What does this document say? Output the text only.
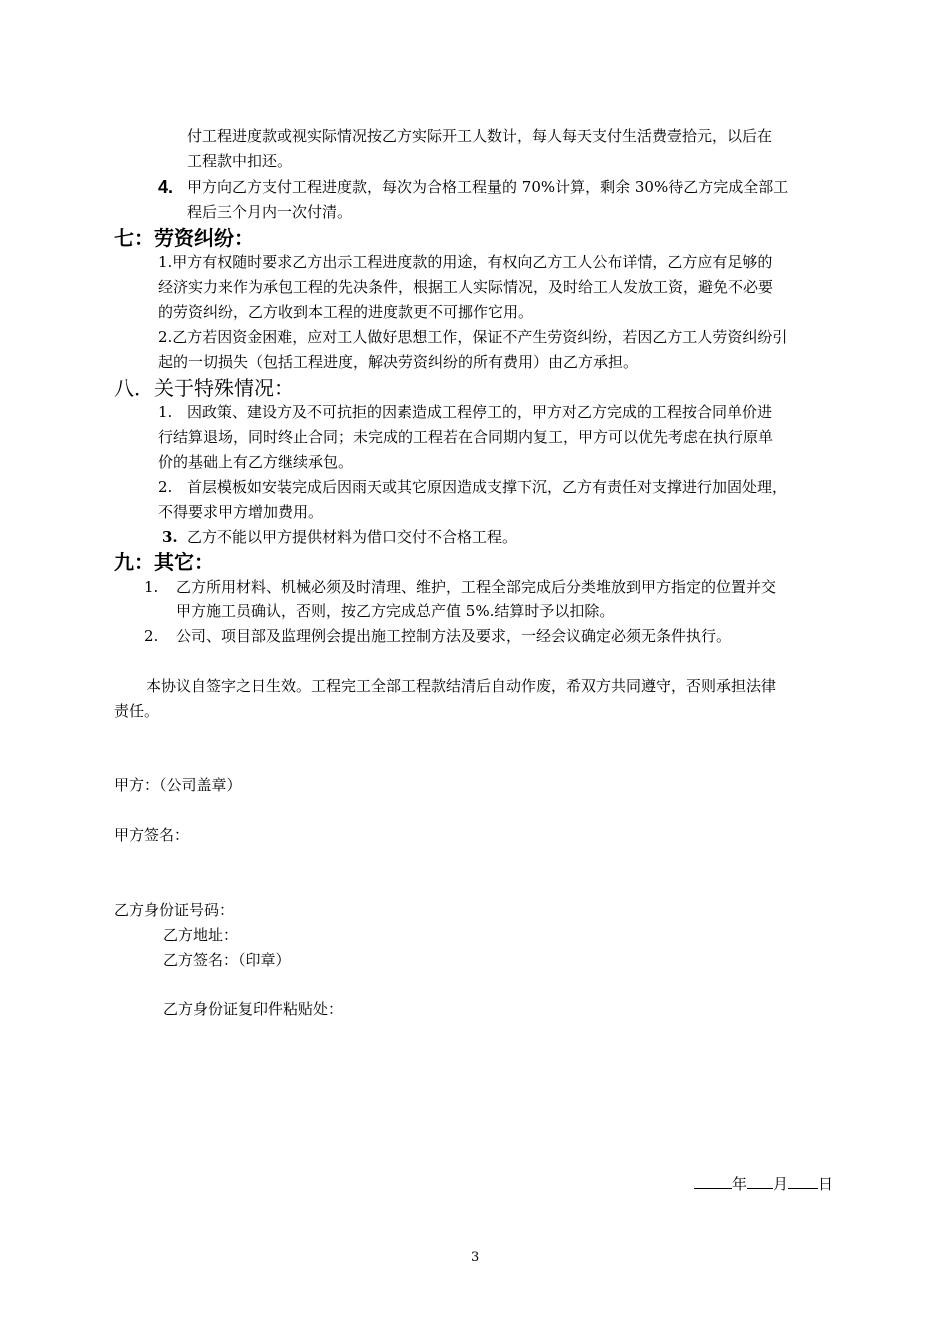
付工程进度款或视实际情况按乙方实际开工人数计，每人每天支付生活费壹拾元，以后在

工程款中扣还。

4. 甲方向乙方支付工程进度款，每次为合格工程量的 70%计算，剩余 30%待乙方完成全部工

程后三个月内一次付清。

七：劳资纠纷：

1.甲方有权随时要求乙方出示工程进度款的用途，有权向乙方工人公布详情，乙方应有足够的

经济实力来作为承包工程的先决条件，根据工人实际情况，及时给工人发放工资，避免不必要

的劳资纠纷，乙方收到本工程的进度款更不可挪作它用。

2.乙方若因资金困难，应对工人做好思想工作，保证不产生劳资纠纷，若因乙方工人劳资纠纷引

起的一切损失（包括工程进度，解决劳资纠纷的所有费用）由乙方承担。

八．关于特殊情况：
1. 因政策、建设方及不可抗拒的因素造成工程停工的，甲方对乙方完成的工程按合同单价进

行结算退场，同时终止合同；未完成的工程若在合同期内复工，甲方可以优先考虑在执行原单

价的基础上有乙方继续承包。

2. 首层模板如安装完成后因雨天或其它原因造成支撑下沉，乙方有责任对支撑进行加固处理，

不得要求甲方增加费用。

3. 乙方不能以甲方提供材料为借口交付不合格工程。

九：其它：
1. 乙方所用材料、机械必须及时清理、维护，工程全部完成后分类堆放到甲方指定的位置并交

甲方施工员确认，否则，按乙方完成总产值 5%.结算时予以扣除。

2. 公司、项目部及监理例会提出施工控制方法及要求，一经会议确定必须无条件执行。

本协议自签字之日生效。工程完工全部工程款结清后自动作废，希双方共同遵守，否则承担法律

责任。

甲方：（公司盖章）

甲方签名：

乙方身份证号码：

乙方地址：

乙方签名：（印章）

乙方身份证复印件粘贴处：

年 月 日
3
